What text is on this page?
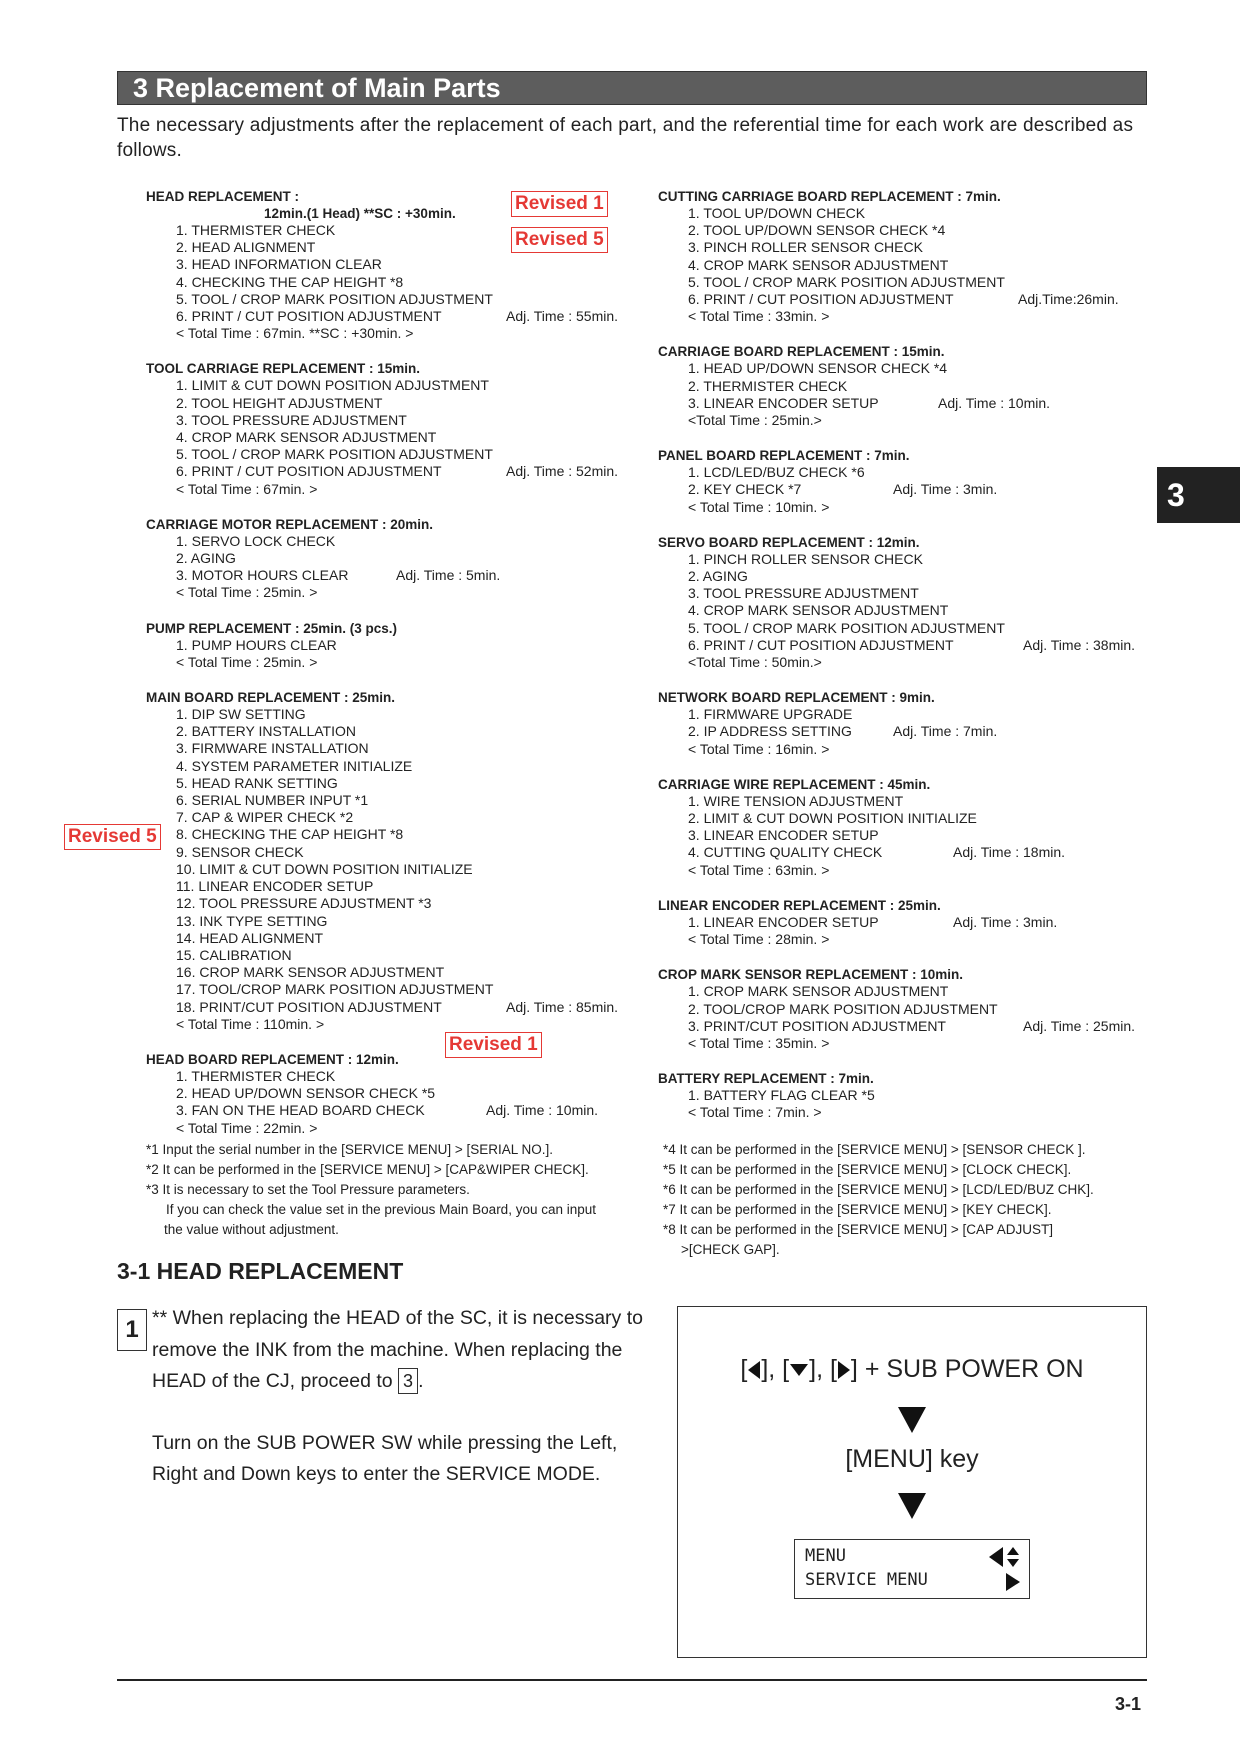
3 Replacement of Main Parts
The necessary adjustments after the replacement of each part, and the referential time for each work are described as follows.
HEAD REPLACEMENT :
12min.(1 Head) **SC : +30min.
1. THERMISTER CHECK
2. HEAD ALIGNMENT
3. HEAD INFORMATION CLEAR
4. CHECKING THE CAP HEIGHT *8
5. TOOL / CROP MARK POSITION ADJUSTMENT
6. PRINT / CUT POSITION ADJUSTMENT	Adj. Time : 55min.
< Total Time : 67min. **SC : +30min. >
TOOL CARRIAGE REPLACEMENT : 15min.
1. LIMIT & CUT DOWN POSITION ADJUSTMENT
2. TOOL HEIGHT ADJUSTMENT
3. TOOL PRESSURE ADJUSTMENT
4. CROP MARK SENSOR ADJUSTMENT
5. TOOL / CROP MARK POSITION ADJUSTMENT
6. PRINT / CUT POSITION ADJUSTMENT	Adj. Time : 52min.
< Total Time : 67min. >
CARRIAGE MOTOR REPLACEMENT : 20min.
1. SERVO LOCK CHECK
2. AGING
3. MOTOR HOURS CLEAR	Adj. Time : 5min.
< Total Time : 25min. >
PUMP REPLACEMENT : 25min. (3 pcs.)
1. PUMP HOURS CLEAR
< Total Time : 25min. >
MAIN BOARD REPLACEMENT : 25min.
1. DIP SW SETTING
2. BATTERY INSTALLATION
3. FIRMWARE INSTALLATION
4. SYSTEM PARAMETER INITIALIZE
5. HEAD RANK SETTING
6. SERIAL NUMBER INPUT *1
7. CAP & WIPER CHECK *2
8. CHECKING THE CAP HEIGHT *8
9. SENSOR CHECK
10. LIMIT & CUT DOWN POSITION INITIALIZE
11. LINEAR ENCODER SETUP
12. TOOL PRESSURE ADJUSTMENT *3
13. INK TYPE SETTING
14. HEAD ALIGNMENT
15. CALIBRATION
16. CROP MARK SENSOR ADJUSTMENT
17. TOOL/CROP MARK POSITION ADJUSTMENT
18. PRINT/CUT POSITION ADJUSTMENT	Adj. Time : 85min.
< Total Time : 110min. >
HEAD BOARD REPLACEMENT : 12min.
1. THERMISTER CHECK
2. HEAD UP/DOWN SENSOR CHECK *5
3. FAN ON THE HEAD BOARD CHECK	Adj. Time : 10min.
< Total Time : 22min. >
CUTTING CARRIAGE BOARD REPLACEMENT : 7min.
1. TOOL UP/DOWN CHECK
2. TOOL UP/DOWN SENSOR CHECK *4
3. PINCH ROLLER SENSOR CHECK
4. CROP MARK SENSOR ADJUSTMENT
5. TOOL / CROP MARK POSITION ADJUSTMENT
6. PRINT / CUT POSITION ADJUSTMENT	Adj.Time:26min.
< Total Time : 33min. >
CARRIAGE BOARD REPLACEMENT : 15min.
1. HEAD UP/DOWN SENSOR CHECK *4
2. THERMISTER CHECK
3. LINEAR ENCODER SETUP	Adj. Time : 10min.
<Total Time : 25min.>
PANEL BOARD REPLACEMENT : 7min.
1. LCD/LED/BUZ CHECK *6
2. KEY CHECK *7	Adj. Time : 3min.
< Total Time : 10min. >
SERVO BOARD REPLACEMENT : 12min.
1. PINCH ROLLER SENSOR CHECK
2. AGING
3. TOOL PRESSURE ADJUSTMENT
4. CROP MARK SENSOR ADJUSTMENT
5. TOOL / CROP MARK POSITION ADJUSTMENT
6. PRINT / CUT POSITION ADJUSTMENT	Adj. Time : 38min.
<Total Time : 50min.>
NETWORK BOARD REPLACEMENT : 9min.
1. FIRMWARE UPGRADE
2. IP ADDRESS SETTING	Adj. Time : 7min.
< Total Time : 16min. >
CARRIAGE WIRE REPLACEMENT : 45min.
1. WIRE TENSION ADJUSTMENT
2. LIMIT & CUT DOWN POSITION INITIALIZE
3. LINEAR ENCODER SETUP
4. CUTTING QUALITY CHECK	Adj. Time : 18min.
< Total Time : 63min. >
LINEAR ENCODER REPLACEMENT : 25min.
1. LINEAR ENCODER SETUP	Adj. Time : 3min.
< Total Time : 28min. >
CROP MARK SENSOR REPLACEMENT : 10min.
1. CROP MARK SENSOR ADJUSTMENT
2. TOOL/CROP MARK POSITION ADJUSTMENT
3. PRINT/CUT POSITION ADJUSTMENT	Adj. Time : 25min.
< Total Time : 35min. >
BATTERY REPLACEMENT : 7min.
1. BATTERY FLAG CLEAR *5
< Total Time : 7min. >
Revised 1
Revised 5
Revised 5
Revised 1
*1 Input the serial number in the [SERVICE MENU] > [SERIAL NO.].
*2 It can be performed in the [SERVICE MENU] > [CAP&WIPER CHECK].
*3 It is necessary to set the Tool Pressure parameters.
If you can check the value set in the previous Main Board, you can input
the value without adjustment.
*4 It can be performed in the [SERVICE MENU] > [SENSOR CHECK ].
*5 It can be performed in the [SERVICE MENU] > [CLOCK CHECK].
*6 It can be performed in the [SERVICE MENU] > [LCD/LED/BUZ CHK].
*7 It can be performed in the [SERVICE MENU] > [KEY CHECK].
*8 It can be performed in the [SERVICE MENU] > [CAP ADJUST]
>[CHECK GAP].
3-1 HEAD REPLACEMENT
1 ** When replacing the HEAD of the SC, it is necessary to remove the INK from the machine. When replacing the HEAD of the CJ, proceed to 3 .
Turn on the SUB POWER SW while pressing the Left, Right and Down keys to enter the SERVICE MODE.
[ ], [ ], [ ] + SUB POWER ON
[MENU] key
MENU
SERVICE MENU
3
3-1
